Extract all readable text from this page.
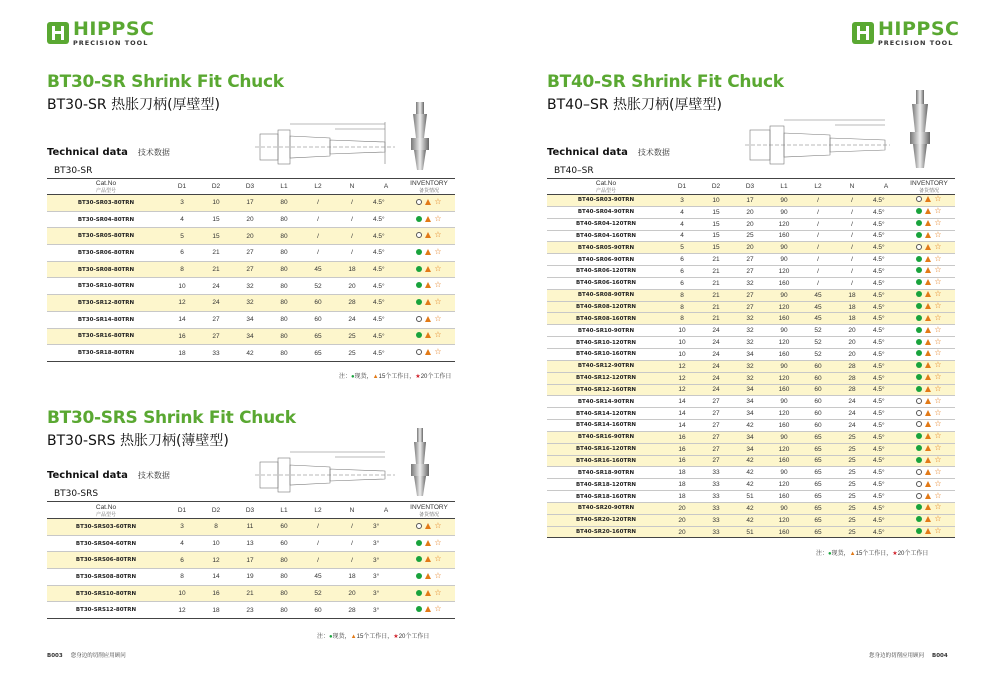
HIPPSC
PRECISION TOOL
BT30-SR Shrink Fit Chuck
BT30-SR 热胀刀柄(厚壁型)
Technical data 技术数据
BT30-SR
Cat.No
产品型号	D1	D2	D3	L1	L2	N	A	INVENTORY
备货情况

BT30-SR03-80TRN	3	10	17	80	/	/	4.5°	☆

BT30-SR04-80TRN	4	15	20	80	/	/	4.5°	☆

BT30-SR05-80TRN	5	15	20	80	/	/	4.5°	☆

BT30-SR06-80TRN	6	21	27	80	/	/	4.5°	☆

BT30-SR08-80TRN	8	21	27	80	45	18	4.5°	☆

BT30-SR10-80TRN	10	24	32	80	52	20	4.5°	☆

BT30-SR12-80TRN	12	24	32	80	60	28	4.5°	☆

BT30-SR14-80TRN	14	27	34	80	60	24	4.5°	☆

BT30-SR16-80TRN	16	27	34	80	65	25	4.5°	☆

BT30-SR18-80TRN	18	33	42	80	65	25	4.5°	☆
注：●现货，▲15个工作日，★20个工作日
BT30-SRS Shrink Fit Chuck
BT30-SRS 热胀刀柄(薄壁型)
Technical data 技术数据
BT30-SRS
Cat.No
产品型号	D1	D2	D3	L1	L2	N	A	INVENTORY
备货情况

BT30-SRS03-60TRN	3	8	11	60	/	/	3°	☆

BT30-SRS04-60TRN	4	10	13	60	/	/	3°	☆

BT30-SRS06-80TRN	6	12	17	80	/	/	3°	☆

BT30-SRS08-80TRN	8	14	19	80	45	18	3°	☆

BT30-SRS10-80TRN	10	16	21	80	52	20	3°	☆

BT30-SRS12-80TRN	12	18	23	80	60	28	3°	☆
注：●现货，▲15个工作日，★20个工作日
B003 您身边的切削应用顾问
HIPPSC
PRECISION TOOL
BT40-SR Shrink Fit Chuck
BT40–SR 热胀刀柄(厚壁型)
Technical data 技术数据
BT40–SR
Cat.No
产品型号	D1	D2	D3	L1	L2	N	A	INVENTORY
备货情况

BT40-SR03-90TRN	3	10	17	90	/	/	4.5°	☆

BT40-SR04-90TRN	4	15	20	90	/	/	4.5°	☆

BT40-SR04-120TRN	4	15	20	120	/	/	4.5°	☆

BT40-SR04-160TRN	4	15	25	160	/	/	4.5°	☆

BT40-SR05-90TRN	5	15	20	90	/	/	4.5°	☆

BT40-SR06-90TRN	6	21	27	90	/	/	4.5°	☆

BT40-SR06-120TRN	6	21	27	120	/	/	4.5°	☆

BT40-SR06-160TRN	6	21	32	160	/	/	4.5°	☆

BT40-SR08-90TRN	8	21	27	90	45	18	4.5°	☆

BT40-SR08-120TRN	8	21	27	120	45	18	4.5°	☆

BT40-SR08-160TRN	8	21	32	160	45	18	4.5°	☆

BT40-SR10-90TRN	10	24	32	90	52	20	4.5°	☆

BT40-SR10-120TRN	10	24	32	120	52	20	4.5°	☆

BT40-SR10-160TRN	10	24	34	160	52	20	4.5°	☆

BT40-SR12-90TRN	12	24	32	90	60	28	4.5°	☆

BT40-SR12-120TRN	12	24	32	120	60	28	4.5°	☆

BT40-SR12-160TRN	12	24	34	160	60	28	4.5°	☆

BT40-SR14-90TRN	14	27	34	90	60	24	4.5°	☆

BT40-SR14-120TRN	14	27	34	120	60	24	4.5°	☆

BT40-SR14-160TRN	14	27	42	160	60	24	4.5°	☆

BT40-SR16-90TRN	16	27	34	90	65	25	4.5°	☆

BT40-SR16-120TRN	16	27	34	120	65	25	4.5°	☆

BT40-SR16-160TRN	16	27	42	160	65	25	4.5°	☆

BT40-SR18-90TRN	18	33	42	90	65	25	4.5°	☆

BT40-SR18-120TRN	18	33	42	120	65	25	4.5°	☆

BT40-SR18-160TRN	18	33	51	160	65	25	4.5°	☆

BT40-SR20-90TRN	20	33	42	90	65	25	4.5°	☆

BT40-SR20-120TRN	20	33	42	120	65	25	4.5°	☆

BT40-SR20-160TRN	20	33	51	160	65	25	4.5°	☆
注：●现货，▲15个工作日，★20个工作日
您身边的切削应用顾问 B004
